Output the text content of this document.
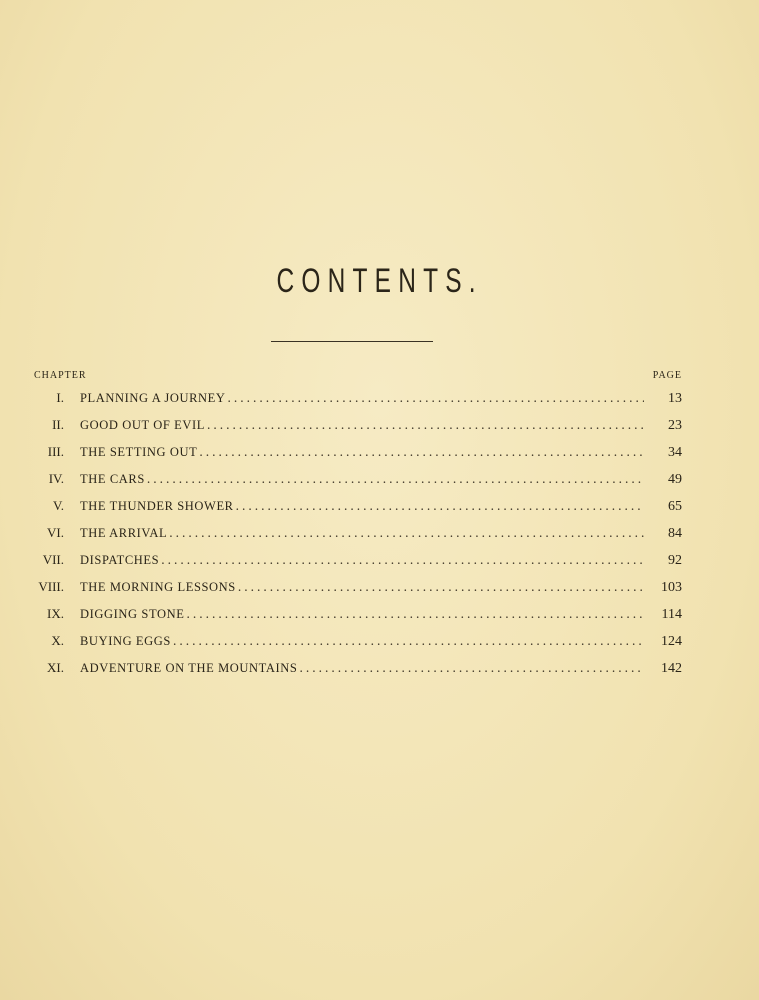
CONTENTS.
CHAPTER	PAGE
I. PLANNING A JOURNEY .....	13
II. GOOD OUT OF EVIL .....	23
III. THE SETTING OUT .....	34
IV. THE CARS .....	49
V. THE THUNDER SHOWER .....	65
VI. THE ARRIVAL .....	84
VII. DISPATCHES .....	92
VIII. THE MORNING LESSONS .....	103
IX. DIGGING STONE .....	114
X. BUYING EGGS .....	124
XI. ADVENTURE ON THE MOUNTAINS .....	142
